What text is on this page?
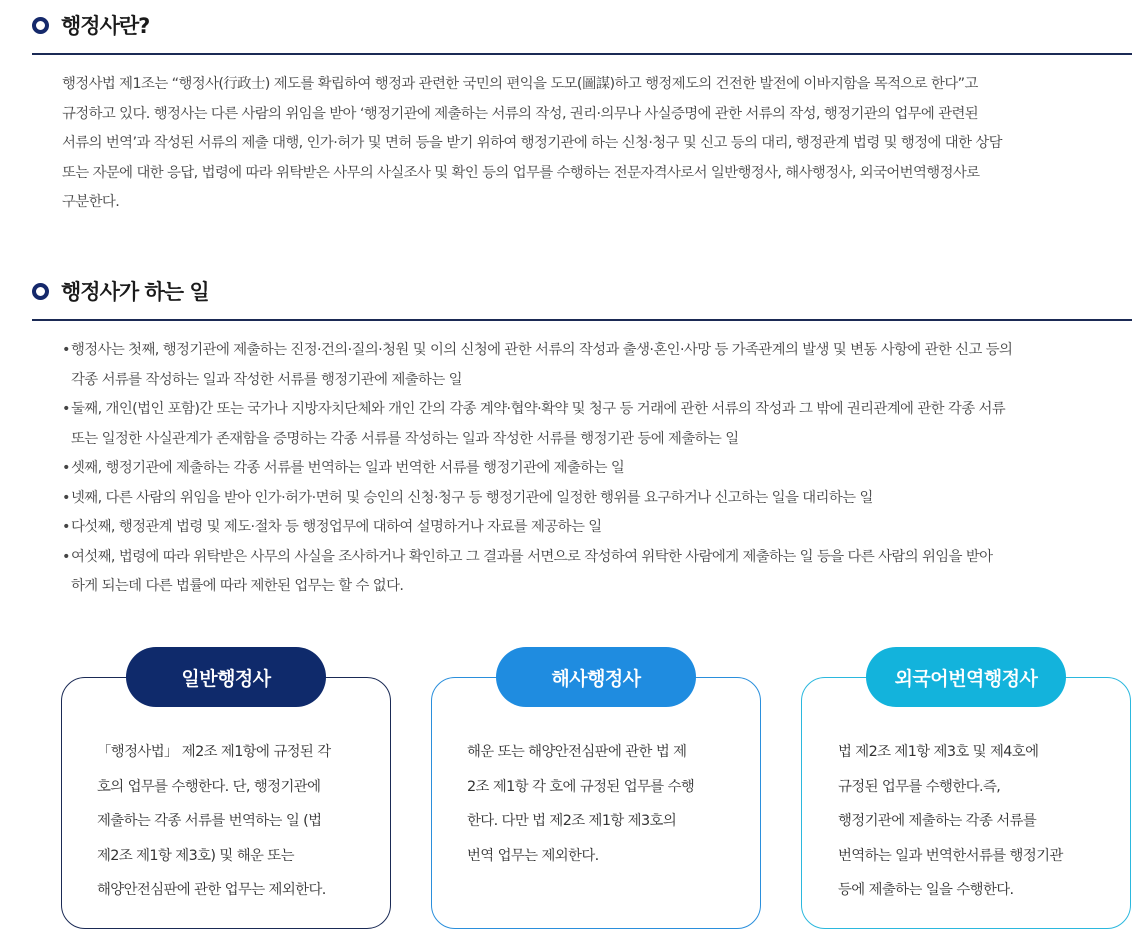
행정사란?

행정사법 제1조는 “행정사(行政士) 제도를 확립하여 행정과 관련한 국민의 편익을 도모(圖謀)하고 행정제도의 건전한 발전에 이바지함을 목적으로 한다”고

규정하고 있다. 행정사는 다른 사람의 위임을 받아 ‘행정기관에 제출하는 서류의 작성, 권리·의무나 사실증명에 관한 서류의 작성, 행정기관의 업무에 관련된

서류의 번역’과 작성된 서류의 제출 대행, 인가·허가 및 면허 등을 받기 위하여 행정기관에 하는 신청·청구 및 신고 등의 대리, 행정관계 법령 및 행정에 대한 상담

또는 자문에 대한 응답, 법령에 따라 위탁받은 사무의 사실조사 및 확인 등의 업무를 수행하는 전문자격사로서 일반행정사, 해사행정사, 외국어번역행정사로

구분한다.

행정사가 하는 일
• 행정사는 첫째, 행정기관에 제출하는 진정·건의·질의·청원 및 이의 신청에 관한 서류의 작성과 출생·혼인·사망 등 가족관계의 발생 및 변동 사항에 관한 신고 등의

각종 서류를 작성하는 일과 작성한 서류를 행정기관에 제출하는 일

• 둘째, 개인(법인 포함)간 또는 국가나 지방자치단체와 개인 간의 각종 계약·협약·확약 및 청구 등 거래에 관한 서류의 작성과 그 밖에 권리관계에 관한 각종 서류

또는 일정한 사실관계가 존재함을 증명하는 각종 서류를 작성하는 일과 작성한 서류를 행정기관 등에 제출하는 일

• 셋째, 행정기관에 제출하는 각종 서류를 번역하는 일과 번역한 서류를 행정기관에 제출하는 일

• 넷째, 다른 사람의 위임을 받아 인가·허가·면허 및 승인의 신청·청구 등 행정기관에 일정한 행위를 요구하거나 신고하는 일을 대리하는 일

• 다섯째, 행정관계 법령 및 제도·절차 등 행정업무에 대하여 설명하거나 자료를 제공하는 일

• 여섯째, 법령에 따라 위탁받은 사무의 사실을 조사하거나 확인하고 그 결과를 서면으로 작성하여 위탁한 사람에게 제출하는 일 등을 다른 사람의 위임을 받아

하게 되는데 다른 법률에 따라 제한된 업무는 할 수 없다.

일반행정사

「행정사법」 제2조 제1항에 규정된 각

호의 업무를 수행한다. 단, 행정기관에

제출하는 각종 서류를 번역하는 일 (법

제2조 제1항 제3호) 및 해운 또는

해양안전심판에 관한 업무는 제외한다.

해사행정사

해운 또는 해양안전심판에 관한 법 제

2조 제1항 각 호에 규정된 업무를 수행

한다. 다만 법 제2조 제1항 제3호의

번역 업무는 제외한다.

외국어번역행정사

법 제2조 제1항 제3호 및 제4호에

규정된 업무를 수행한다.즉,

행정기관에 제출하는 각종 서류를

번역하는 일과 번역한서류를 행정기관

등에 제출하는 일을 수행한다.
